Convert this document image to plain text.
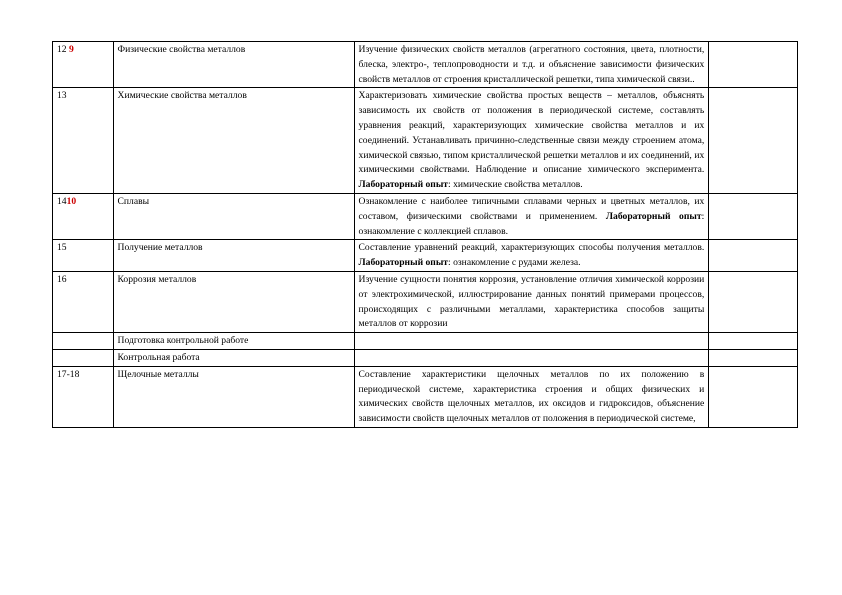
12 9	Физические свойства металлов	Изучение физических свойств металлов (агрегатного состояния, цвета, плотности, блеска, электро-, теплопроводности и т.д. и объяснение зависимости физических свойств металлов от строения кристаллической решетки, типа химической связи..	
13	Химические свойства металлов	Характеризовать химические свойства простых веществ – металлов, объяснять зависимость их свойств от положения в периодической системе, составлять уравнения реакций, характеризующих химические свойства металлов и их соединений. Устанавливать причинно-следственные связи между строением атома, химической связью, типом кристаллической решетки металлов и их соединений, их химическими свойствами. Наблюдение и описание химического эксперимента. Лабораторный опыт: химические свойства металлов.	
1410	Сплавы	Ознакомление с наиболее типичными сплавами черных и цветных металлов, их составом, физическими свойствами и применением. Лабораторный опыт: ознакомление с коллекцией сплавов.	
15	Получение металлов	Составление уравнений реакций, характеризующих способы получения металлов. Лабораторный опыт: ознакомление с рудами железа.	
16	Коррозия металлов	Изучение сущности понятия коррозия, установление отличия химической коррозии от электрохимической, иллюстрирование данных понятий примерами процессов, происходящих с различными металлами, характеристика способов защиты металлов от коррозии	
	Подготовка контрольной работе		
	Контрольная работа		
17-18	Щелочные металлы	Составление характеристики щелочных металлов по их положению в периодической системе, характеристика строения и общих физических и химических свойств щелочных металлов, их оксидов и гидроксидов, объяснение зависимости свойств щелочных металлов от положения в периодической системе,	
